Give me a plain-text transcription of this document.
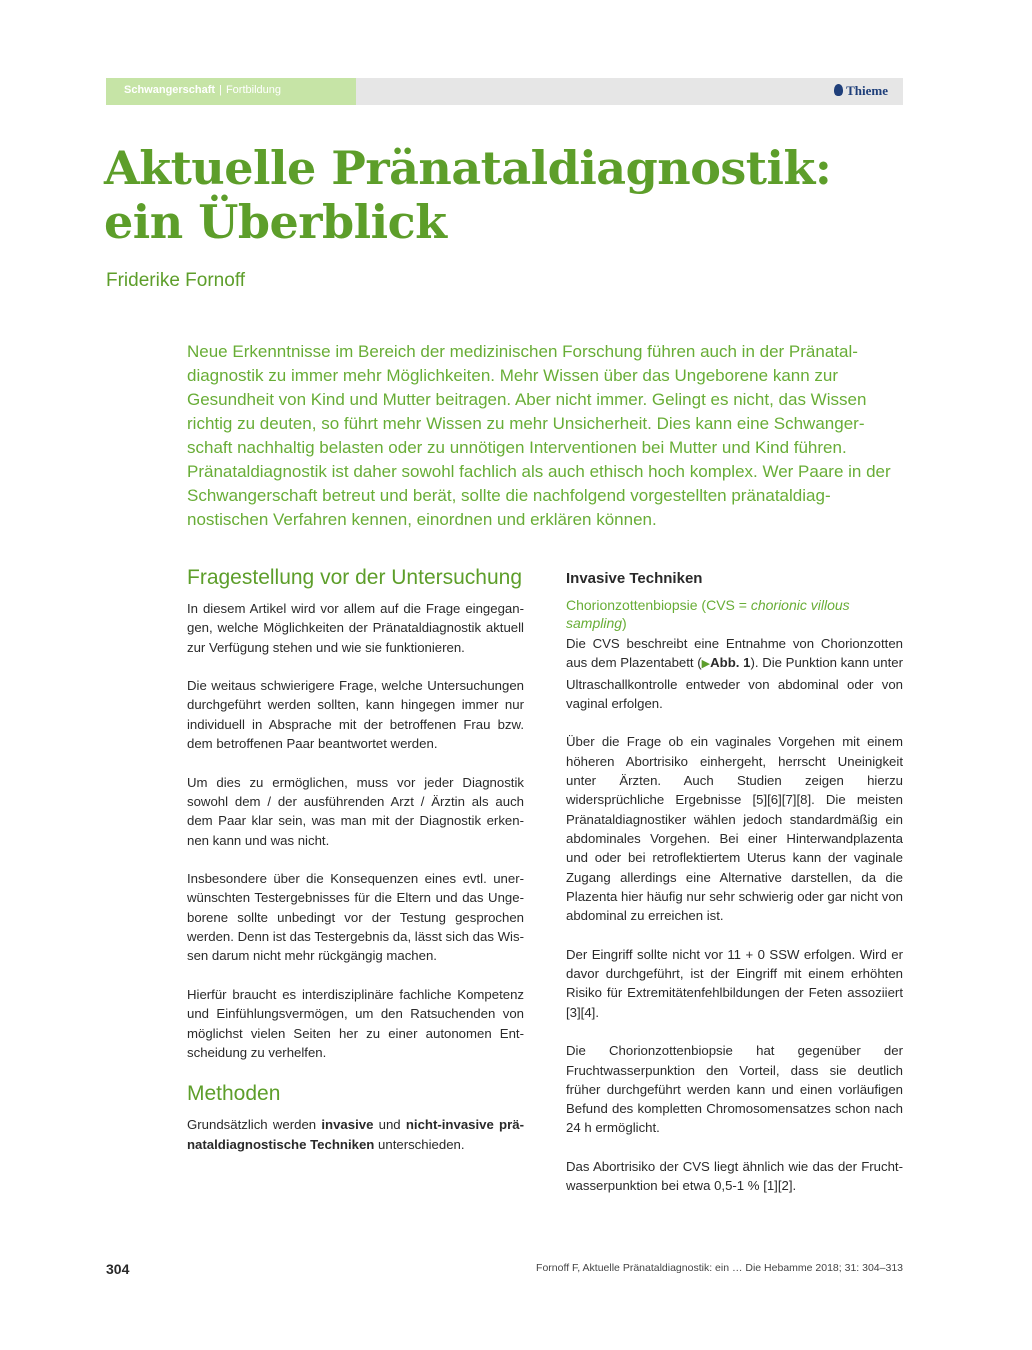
Schwangerschaft | Fortbildung	Thieme
Aktuelle Pränataldiagnostik:
ein Überblick
Friderike Fornoff

Neue Erkenntnisse im Bereich der medizinischen Forschung führen auch in der Pränataldiagnostik zu immer mehr Möglichkeiten. Mehr Wissen über das Ungeborene kann zur Gesundheit von Kind und Mutter beitragen. Aber nicht immer. Gelingt es nicht, das Wissen richtig zu deuten, so führt mehr Wissen zu mehr Unsicherheit. Dies kann eine Schwangerschaft nachhaltig belasten oder zu unnötigen Interventionen bei Mutter und Kind führen. Pränataldiagnostik ist daher sowohl fachlich als auch ethisch hoch komplex. Wer Paare in der Schwangerschaft betreut und berät, sollte die nachfolgend vorgestellten pränataldiagnostischen Verfahren kennen, einordnen und erklären können.

Fragestellung vor der Untersuchung

In diesem Artikel wird vor allem auf die Frage eingegangen, welche Möglichkeiten der Pränataldiagnostik aktuell zur Verfügung stehen und wie sie funktionieren.

Die weitaus schwierigere Frage, welche Untersuchungen durchgeführt werden sollten, kann hingegen immer nur individuell in Absprache mit der betroffenen Frau bzw. dem betroffenen Paar beantwortet werden.

Um dies zu ermöglichen, muss vor jeder Diagnostik sowohl dem / der ausführenden Arzt / Ärztin als auch dem Paar klar sein, was man mit der Diagnostik erkennen kann und was nicht.

Insbesondere über die Konsequenzen eines evtl. unerwünschten Testergebnisses für die Eltern und das Ungeborene sollte unbedingt vor der Testung gesprochen werden. Denn ist das Testergebnis da, lässt sich das Wissen darum nicht mehr rückgängig machen.

Hierfür braucht es interdisziplinäre fachliche Kompetenz und Einfühlungsvermögen, um den Ratsuchenden von möglichst vielen Seiten her zu einer autonomen Entscheidung zu verhelfen.

Methoden

Grundsätzlich werden invasive und nicht-invasive pränataldiagnostische Techniken unterschieden.

Invasive Techniken
Chorionzottenbiopsie (CVS = chorionic villous sampling)

Die CVS beschreibt eine Entnahme von Chorionzotten aus dem Plazentabett (▶Abb. 1). Die Punktion kann unter Ultraschallkontrolle entweder von abdominal oder von vaginal erfolgen.

Über die Frage ob ein vaginales Vorgehen mit einem höheren Abortrisiko einhergeht, herrscht Uneinigkeit unter Ärzten. Auch Studien zeigen hierzu widersprüchliche Ergebnisse [5][6][7][8]. Die meisten Pränataldiagnostiker wählen jedoch standardmäßig ein abdominales Vorgehen. Bei einer Hinterwandplazenta und oder bei retroflektiertem Uterus kann der vaginale Zugang allerdings eine Alternative darstellen, da die Plazenta hier häufig nur sehr schwierig oder gar nicht von abdominal zu erreichen ist.

Der Eingriff sollte nicht vor 11 + 0 SSW erfolgen. Wird er davor durchgeführt, ist der Eingriff mit einem erhöhten Risiko für Extremitätenfehlbildungen der Feten assoziiert [3][4].

Die Chorionzottenbiopsie hat gegenüber der Fruchtwasserpunktion den Vorteil, dass sie deutlich früher durchgeführt werden kann und einen vorläufigen Befund des kompletten Chromosomensatzes schon nach 24 h ermöglicht.

Das Abortrisiko der CVS liegt ähnlich wie das der Fruchtwasserpunktion bei etwa 0,5-1 % [1][2].

304	Fornoff F, Aktuelle Pränataldiagnostik: ein … Die Hebamme 2018; 31: 304–313
